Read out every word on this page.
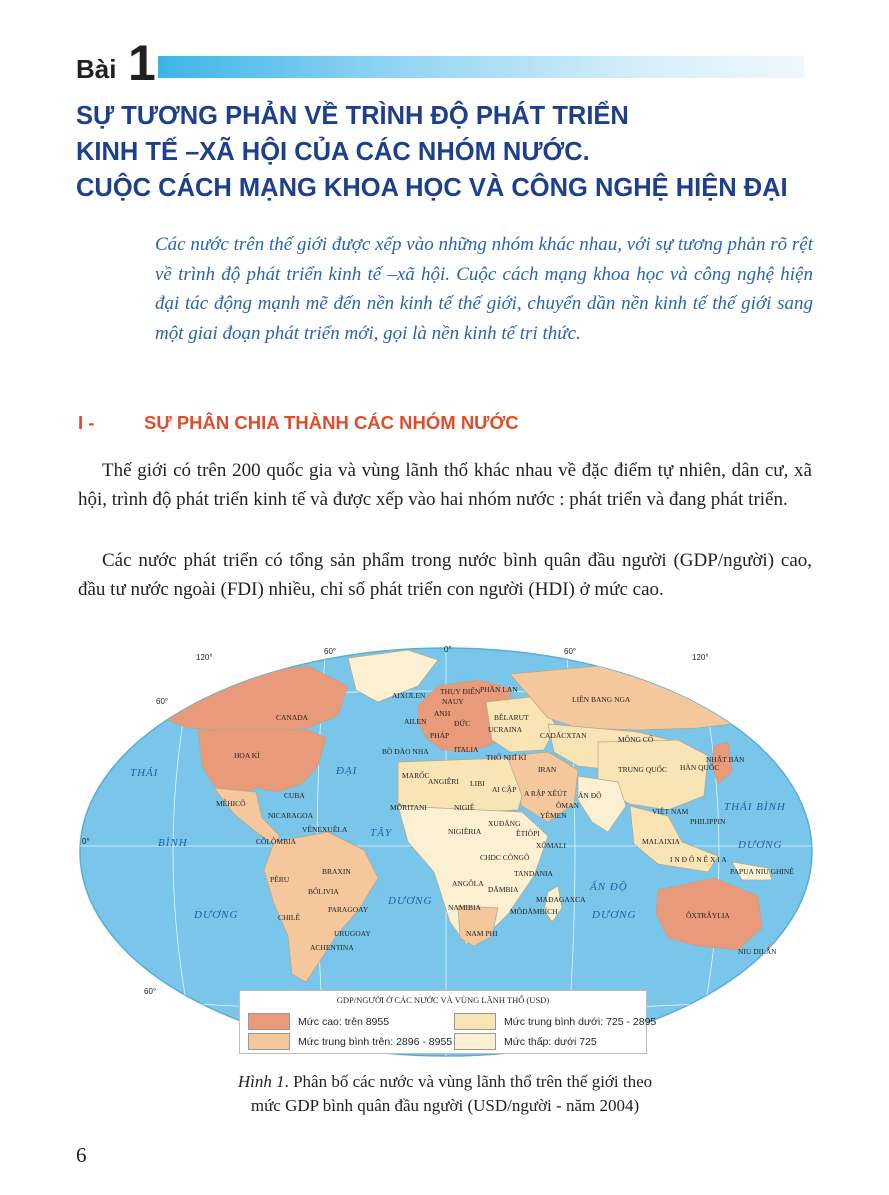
Bài 1
SỰ TƯƠNG PHẢN VỀ TRÌNH ĐỘ PHÁT TRIỂN
KINH TẾ –XÃ HỘI CỦA CÁC NHÓM NƯỚC.
CUỘC CÁCH MẠNG KHOA HỌC VÀ CÔNG NGHỆ HIỆN ĐẠI
Các nước trên thế giới được xếp vào những nhóm khác nhau, với sự tương phản rõ rệt về trình độ phát triển kinh tế –xã hội. Cuộc cách mạng khoa học và công nghệ hiện đại tác động mạnh mẽ đến nền kinh tế thế giới, chuyển dần nền kinh tế thế giới sang một giai đoạn phát triển mới, gọi là nền kinh tế tri thức.
I -	SỰ PHÂN CHIA THÀNH CÁC NHÓM NƯỚC
Thế giới có trên 200 quốc gia và vùng lãnh thổ khác nhau về đặc điểm tự nhiên, dân cư, xã hội, trình độ phát triển kinh tế và được xếp vào hai nhóm nước : phát triển và đang phát triển.
Các nước phát triển có tổng sản phẩm trong nước bình quân đầu người (GDP/người) cao, đầu tư nước ngoài (FDI) nhiều, chỉ số phát triển con người (HDI) ở mức cao.
120°
60°	0°	60°
120°
60°
0°
60°
THÁI
BÌNH
DƯƠNG
ĐẠI
TÂY
DƯƠNG
ẤN ĐỘ
DƯƠNG
THÁI BÌNH
DƯƠNG
CANADA
HOA KÌ
MÊHICÔ
CUBA
NICARAGOA
VÊNEXUÊLA
CÔLÔMBIA
BRAXIN
PÊRU
BÔLIVIA
PARAGOAY
CHILÊ
URUGOAY
ACHENTINA
AIXƠLEN THỤY ĐIỂN
NAUY
PHẦN LAN
ANH
AILEN	ĐỨC
PHÁP
BÊLARUT
UCRAINA
BỒ ĐÀO NHA	ITALIA
THỔ NHĨ KÌ
MARỐC
ANGIÊRI LIBI
AI CẬP A RẬP XÊÚT
ÔMAN
YÊMEN
MÔRITANI	NIGIÊ
XUĐĂNG
NIGIÊRIA	ÊTIÔPI
XÔMALI
CHDC CÔNGÔ
TANDANIA
ANGÔLA
DĂMBIA
MAĐAGAXCA
NAMIBIA	MÔDĂMBÍCH
NAM PHI
LIÊN BANG NGA
CADĂCXTAN	MÔNG CỔ
IRAN	TRUNG QUỐC
ẤN ĐỘ
NHẬT BẢN
HÀN QUỐC
VIỆT NAM
PHILIPPIN
MALAIXIA
I N Đ Ô N Ê X I A
PAPUA NIU GHINÊ
ÔXTRÂYLIA
NIU DILÂN
GDP/NGƯỜI Ở CÁC NƯỚC VÀ VÙNG LÃNH THỔ (USD)
Mức cao: trên 8955
Mức trung bình trên: 2896 - 8955
Mức trung bình dưới: 725 - 2895
Mức thấp: dưới 725
Hình 1. Phân bố các nước và vùng lãnh thổ trên thế giới theo
mức GDP bình quân đầu người (USD/người - năm 2004)
6
